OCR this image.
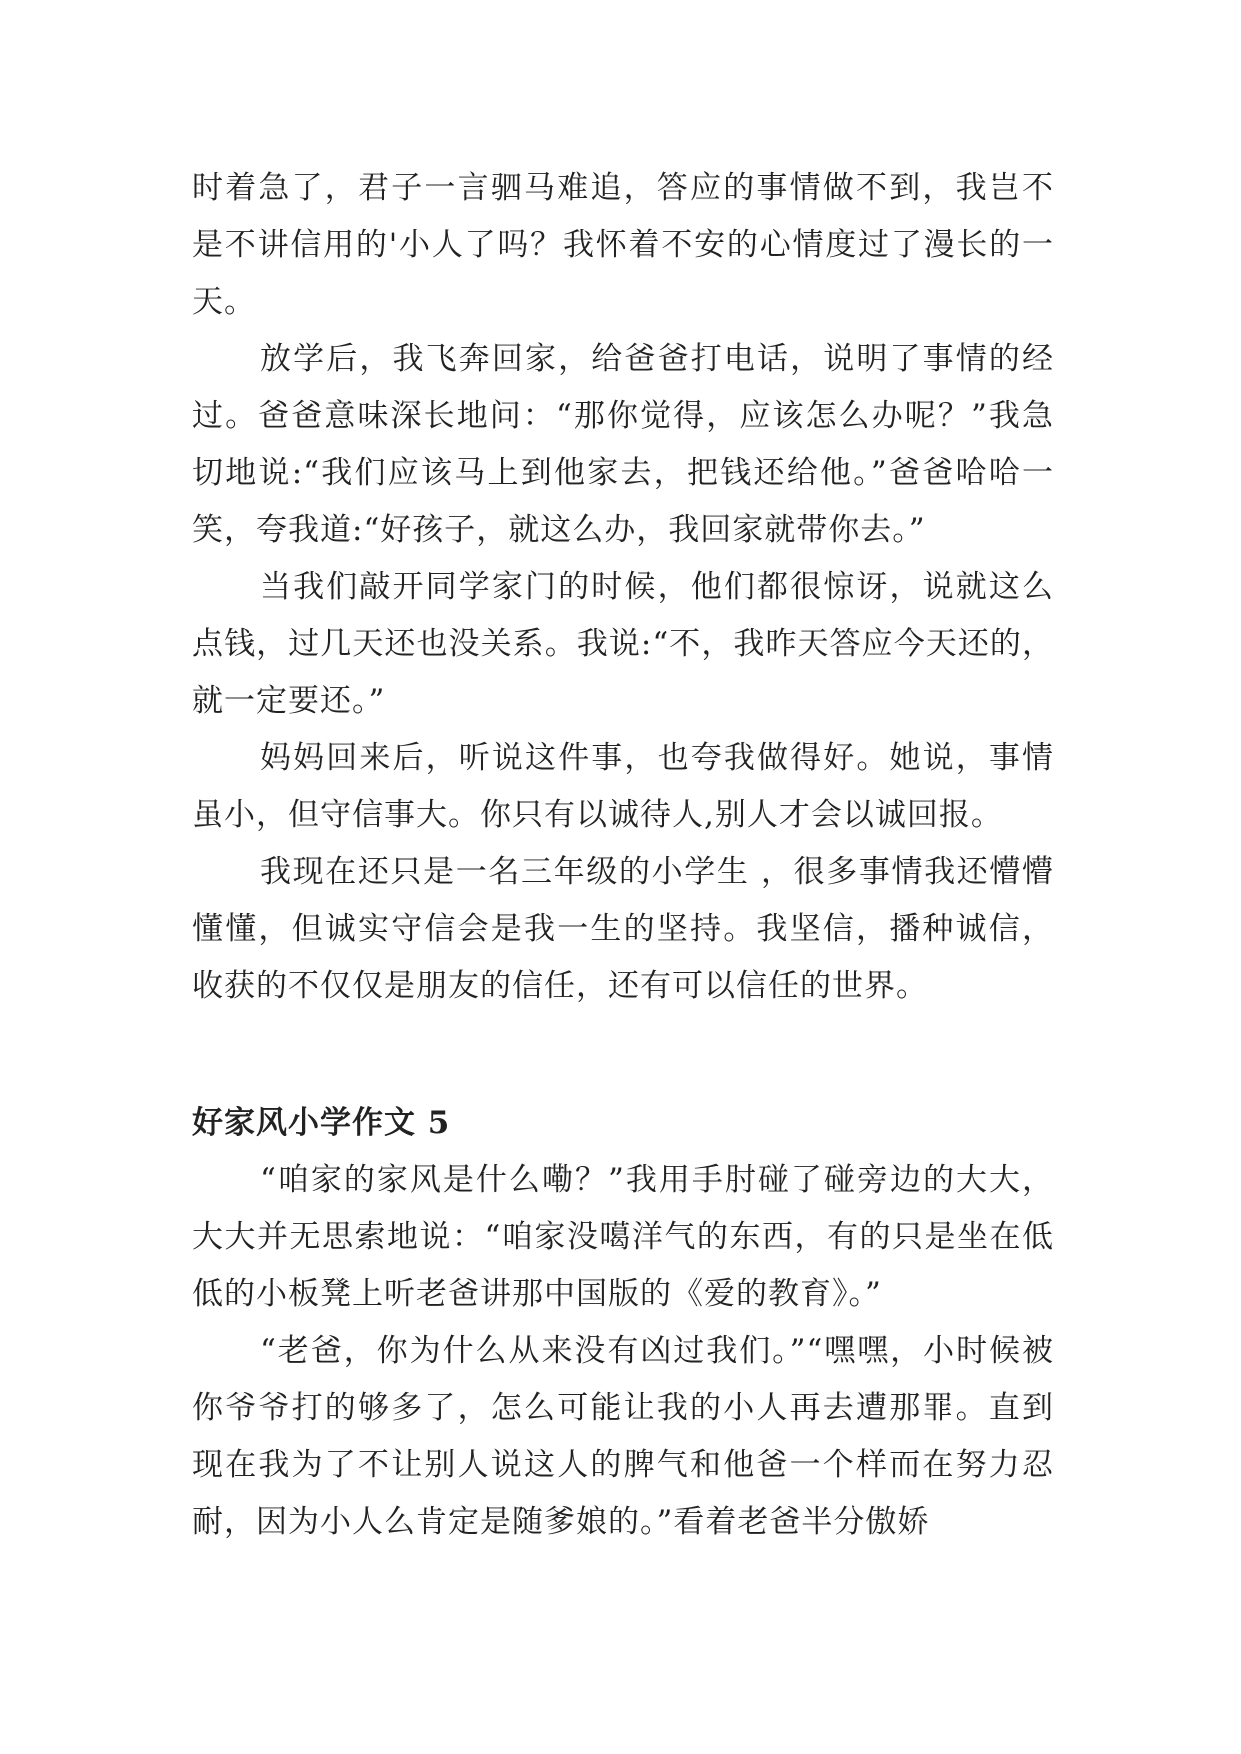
时着急了，君子一言驷马难追，答应的事情做不到，我岂不是不讲信用的'小人了吗？我怀着不安的心情度过了漫长的一天。

放学后，我飞奔回家，给爸爸打电话，说明了事情的经过。爸爸意味深长地问：“那你觉得，应该怎么办呢？”我急切地说:“我们应该马上到他家去，把钱还给他。”爸爸哈哈一笑，夸我道:“好孩子，就这么办，我回家就带你去。”

当我们敲开同学家门的时候，他们都很惊讶，说就这么点钱，过几天还也没关系。我说:“不，我昨天答应今天还的，就一定要还。”

妈妈回来后，听说这件事，也夸我做得好。她说，事情虽小，但守信事大。你只有以诚待人,别人才会以诚回报。

我现在还只是一名三年级的小学生 ，很多事情我还懵懵懂懂，但诚实守信会是我一生的坚持。我坚信，播种诚信，收获的不仅仅是朋友的信任，还有可以信任的世界。

好家风小学作文 5

“咱家的家风是什么嘞？”我用手肘碰了碰旁边的大大，大大并无思索地说：“咱家没噶洋气的东西，有的只是坐在低低的小板凳上听老爸讲那中国版的《爱的教育》。”

“老爸，你为什么从来没有凶过我们。”“嘿嘿，小时候被你爷爷打的够多了，怎么可能让我的小人再去遭那罪。直到现在我为了不让别人说这人的脾气和他爸一个样而在努力忍耐，因为小人么肯定是随爹娘的。”看着老爸半分傲娇
